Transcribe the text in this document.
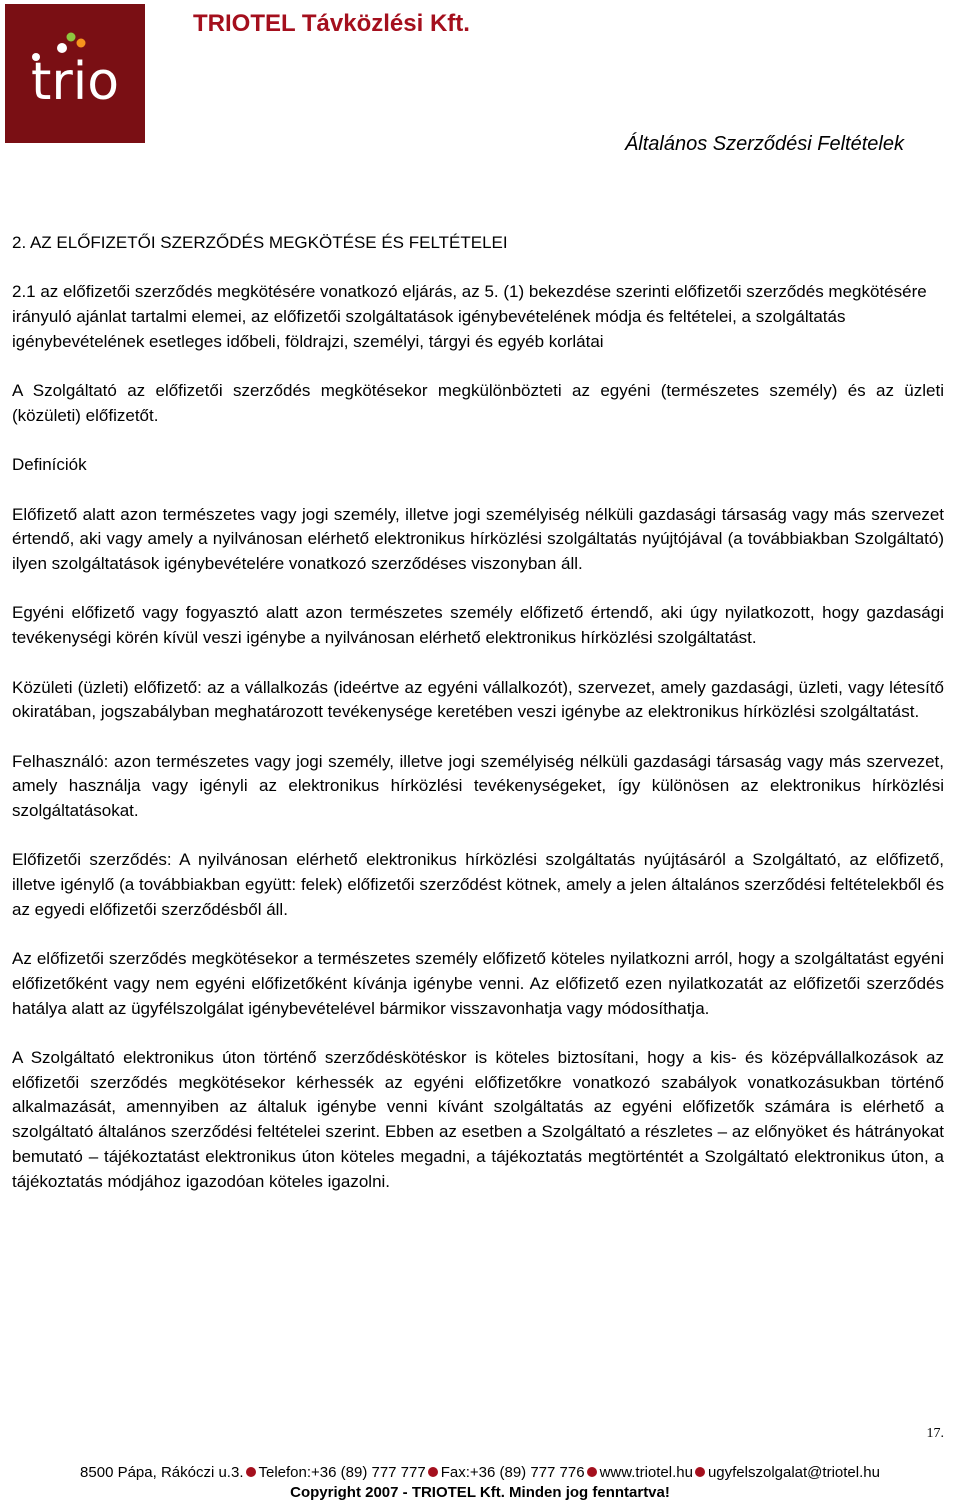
trio
TRIOTEL Távközlési Kft.
Általános Szerződési Feltételek

2. AZ ELŐFIZETŐI SZERZŐDÉS MEGKÖTÉSE ÉS FELTÉTELEI

2.1 az előfizetői szerződés megkötésére vonatkozó eljárás, az 5. (1) bekezdése szerinti előfizetői szerződés megkötésére irányuló ajánlat tartalmi elemei, az előfizetői szolgáltatások igénybevételének módja és feltételei, a szolgáltatás igénybevételének esetleges időbeli, földrajzi, személyi, tárgyi és egyéb korlátai

A Szolgáltató az előfizetői szerződés megkötésekor megkülönbözteti az egyéni (természetes személy) és az üzleti (közületi) előfizetőt.

Definíciók

Előfizető alatt azon természetes vagy jogi személy, illetve jogi személyiség nélküli gazdasági társaság vagy más szervezet értendő, aki vagy amely a nyilvánosan elérhető elektronikus hírközlési szolgáltatás nyújtójával (a továbbiakban Szolgáltató) ilyen szolgáltatások igénybevételére vonatkozó szerződéses viszonyban áll.

Egyéni előfizető vagy fogyasztó alatt azon természetes személy előfizető értendő, aki úgy nyilatkozott, hogy gazdasági tevékenységi körén kívül veszi igénybe a nyilvánosan elérhető elektronikus hírközlési szolgáltatást.

Közületi (üzleti) előfizető: az a vállalkozás (ideértve az egyéni vállalkozót), szervezet, amely gazdasági, üzleti, vagy létesítő okiratában, jogszabályban meghatározott tevékenysége keretében veszi igénybe az elektronikus hírközlési szolgáltatást.

Felhasználó: azon természetes vagy jogi személy, illetve jogi személyiség nélküli gazdasági társaság vagy más szervezet, amely használja vagy igényli az elektronikus hírközlési tevékenységeket, így különösen az elektronikus hírközlési szolgáltatásokat.

Előfizetői szerződés: A nyilvánosan elérhető elektronikus hírközlési szolgáltatás nyújtásáról a Szolgáltató, az előfizető, illetve igénylő (a továbbiakban együtt: felek) előfizetői szerződést kötnek, amely a jelen általános szerződési feltételekből és az egyedi előfizetői szerződésből áll.

Az előfizetői szerződés megkötésekor a természetes személy előfizető köteles nyilatkozni arról, hogy a szolgáltatást egyéni előfizetőként vagy nem egyéni előfizetőként kívánja igénybe venni. Az előfizető ezen nyilatkozatát az előfizetői szerződés hatálya alatt az ügyfélszolgálat igénybevételével bármikor visszavonhatja vagy módosíthatja.

A Szolgáltató elektronikus úton történő szerződéskötéskor is köteles biztosítani, hogy a kis- és középvállalkozások az előfizetői szerződés megkötésekor kérhessék az egyéni előfizetőkre vonatkozó szabályok vonatkozásukban történő alkalmazását, amennyiben az általuk igénybe venni kívánt szolgáltatás az egyéni előfizetők számára is elérhető a szolgáltató általános szerződési feltételei szerint. Ebben az esetben a Szolgáltató a részletes – az előnyöket és hátrányokat bemutató – tájékoztatást elektronikus úton köteles megadni, a tájékoztatás megtörténtét a Szolgáltató elektronikus úton, a tájékoztatás módjához igazodóan köteles igazolni.

17.
8500 Pápa, Rákóczi u.3. Telefon:+36 (89) 777 777 Fax:+36 (89) 777 776 www.triotel.hu ugyfelszolgalat@triotel.hu
Copyright 2007 - TRIOTEL Kft. Minden jog fenntartva!
